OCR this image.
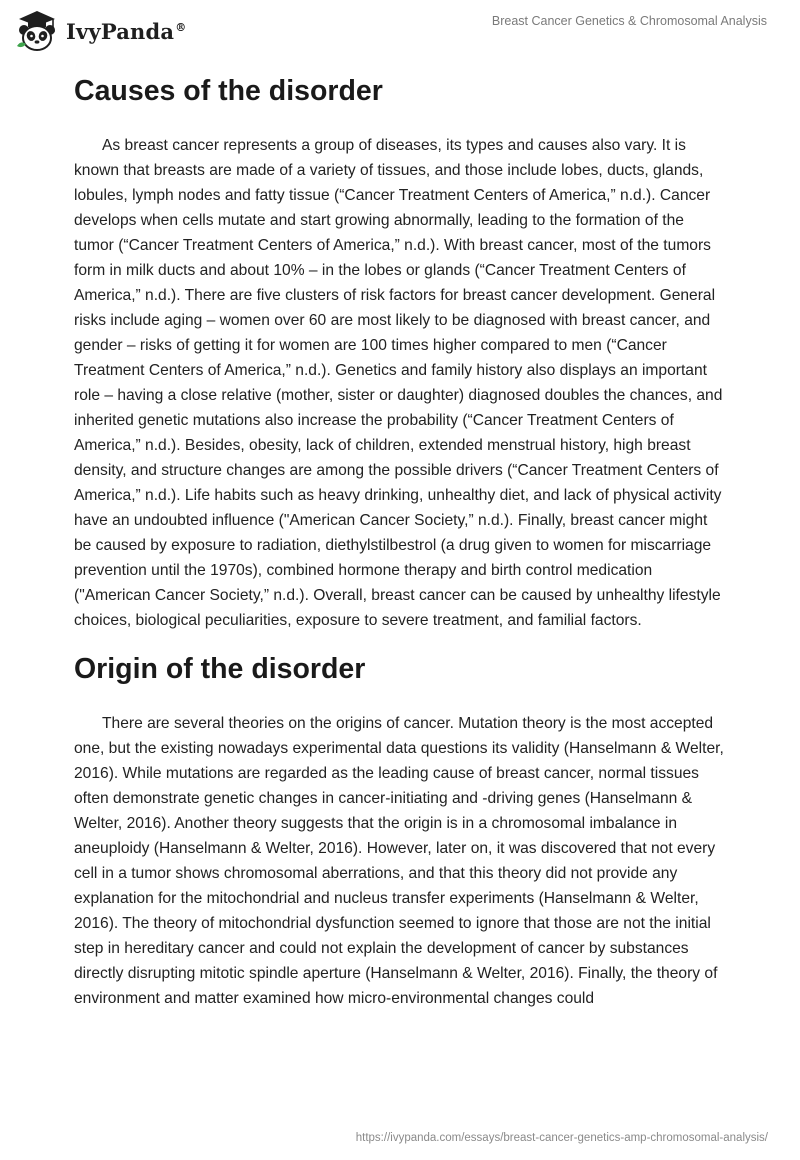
IvyPanda®	Breast Cancer Genetics & Chromosomal Analysis
Causes of the disorder

As breast cancer represents a group of diseases, its types and causes also vary. It is known that breasts are made of a variety of tissues, and those include lobes, ducts, glands, lobules, lymph nodes and fatty tissue (“Cancer Treatment Centers of America,” n.d.). Cancer develops when cells mutate and start growing abnormally, leading to the formation of the tumor (“Cancer Treatment Centers of America,” n.d.). With breast cancer, most of the tumors form in milk ducts and about 10% – in the lobes or glands (“Cancer Treatment Centers of America,” n.d.). There are five clusters of risk factors for breast cancer development. General risks include aging – women over 60 are most likely to be diagnosed with breast cancer, and gender – risks of getting it for women are 100 times higher compared to men (“Cancer Treatment Centers of America,” n.d.). Genetics and family history also displays an important role – having a close relative (mother, sister or daughter) diagnosed doubles the chances, and inherited genetic mutations also increase the probability (“Cancer Treatment Centers of America,” n.d.). Besides, obesity, lack of children, extended menstrual history, high breast density, and structure changes are among the possible drivers (“Cancer Treatment Centers of America,” n.d.). Life habits such as heavy drinking, unhealthy diet, and lack of physical activity have an undoubted influence ("American Cancer Society,” n.d.). Finally, breast cancer might be caused by exposure to radiation, diethylstilbestrol (a drug given to women for miscarriage prevention until the 1970s), combined hormone therapy and birth control medication ("American Cancer Society,” n.d.). Overall, breast cancer can be caused by unhealthy lifestyle choices, biological peculiarities, exposure to severe treatment, and familial factors.

Origin of the disorder

There are several theories on the origins of cancer. Mutation theory is the most accepted one, but the existing nowadays experimental data questions its validity (Hanselmann & Welter, 2016). While mutations are regarded as the leading cause of breast cancer, normal tissues often demonstrate genetic changes in cancer-initiating and -driving genes (Hanselmann & Welter, 2016). Another theory suggests that the origin is in a chromosomal imbalance in aneuploidy (Hanselmann & Welter, 2016). However, later on, it was discovered that not every cell in a tumor shows chromosomal aberrations, and that this theory did not provide any explanation for the mitochondrial and nucleus transfer experiments (Hanselmann & Welter, 2016). The theory of mitochondrial dysfunction seemed to ignore that those are not the initial step in hereditary cancer and could not explain the development of cancer by substances directly disrupting mitotic spindle aperture (Hanselmann & Welter, 2016). Finally, the theory of environment and matter examined how micro-environmental changes could

https://ivypanda.com/essays/breast-cancer-genetics-amp-chromosomal-analysis/
